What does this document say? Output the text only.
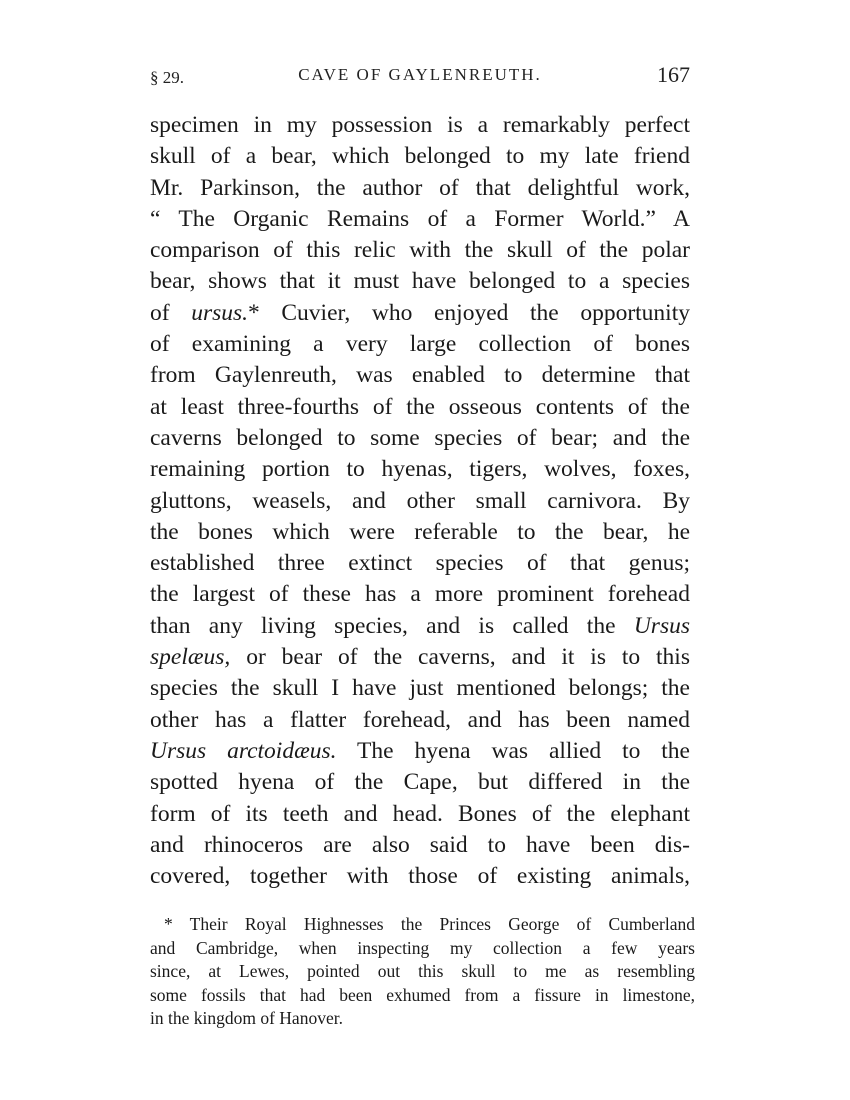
§ 29.	CAVE OF GAYLENREUTH.	167
specimen in my possession is a remarkably perfect
skull of a bear, which belonged to my late friend
Mr. Parkinson, the author of that delightful work,
“ The Organic Remains of a Former World.” A
comparison of this relic with the skull of the polar
bear, shows that it must have belonged to a species
of ursus.* Cuvier, who enjoyed the opportunity
of examining a very large collection of bones
from Gaylenreuth, was enabled to determine that
at least three-fourths of the osseous contents of the
caverns belonged to some species of bear; and the
remaining portion to hyenas, tigers, wolves, foxes,
gluttons, weasels, and other small carnivora. By
the bones which were referable to the bear, he
established three extinct species of that genus;
the largest of these has a more prominent forehead
than any living species, and is called the Ursus
spelæus, or bear of the caverns, and it is to this
species the skull I have just mentioned belongs; the
other has a flatter forehead, and has been named
Ursus arctoidæus. The hyena was allied to the
spotted hyena of the Cape, but differed in the
form of its teeth and head. Bones of the elephant
and rhinoceros are also said to have been dis-
covered, together with those of existing animals,
* Their Royal Highnesses the Princes George of Cumberland
and Cambridge, when inspecting my collection a few years
since, at Lewes, pointed out this skull to me as resembling
some fossils that had been exhumed from a fissure in limestone,
in the kingdom of Hanover.
